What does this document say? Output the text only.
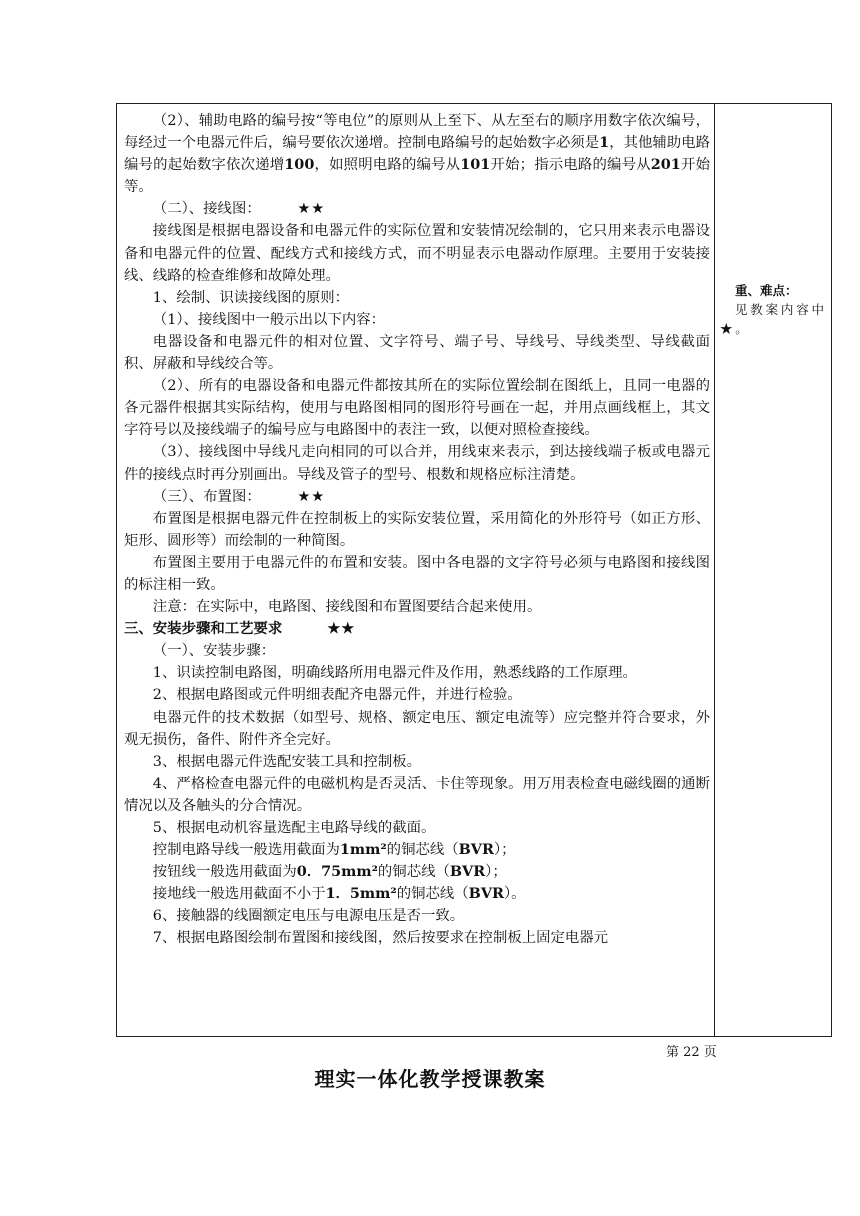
（2）、辅助电路的编号按“等电位”的原则从上至下、从左至右的顺序用数字依次编号，每经过一个电器元件后，编号要依次递增。控制电路编号的起始数字必须是1，其他辅助电路编号的起始数字依次递增100，如照明电路的编号从101开始；指示电路的编号从201开始等。

（二）、接线图：	★★

接线图是根据电器设备和电器元件的实际位置和安装情况绘制的，它只用来表示电器设备和电器元件的位置、配线方式和接线方式，而不明显表示电器动作原理。主要用于安装接线、线路的检查维修和故障处理。

1、绘制、识读接线图的原则：

（1）、接线图中一般示出以下内容：

电器设备和电器元件的相对位置、文字符号、端子号、导线号、导线类型、导线截面积、屏蔽和导线绞合等。

（2）、所有的电器设备和电器元件都按其所在的实际位置绘制在图纸上，且同一电器的各元器件根据其实际结构，使用与电路图相同的图形符号画在一起，并用点画线框上，其文字符号以及接线端子的编号应与电路图中的表注一致，以便对照检查接线。

（3）、接线图中导线凡走向相同的可以合并，用线束来表示，到达接线端子板或电器元件的接线点时再分别画出。导线及管子的型号、根数和规格应标注清楚。

（三）、布置图：	★★

布置图是根据电器元件在控制板上的实际安装位置，采用简化的外形符号（如正方形、矩形、圆形等）而绘制的一种简图。

布置图主要用于电器元件的布置和安装。图中各电器的文字符号必须与电路图和接线图的标注相一致。

注意：在实际中，电路图、接线图和布置图要结合起来使用。

三、安装步骤和工艺要求	★★

（一）、安装步骤：

1、识读控制电路图，明确线路所用电器元件及作用，熟悉线路的工作原理。

2、根据电路图或元件明细表配齐电器元件，并进行检验。

电器元件的技术数据（如型号、规格、额定电压、额定电流等）应完整并符合要求，外观无损伤，备件、附件齐全完好。

3、根据电器元件选配安装工具和控制板。

4、严格检查电器元件的电磁机构是否灵活、卡住等现象。用万用表检查电磁线圈的通断情况以及各触头的分合情况。

5、根据电动机容量选配主电路导线的截面。

控制电路导线一般选用截面为1mm²的铜芯线（BVR）；

按钮线一般选用截面为0．75mm²的铜芯线（BVR）；

接地线一般选用截面不小于1．5mm²的铜芯线（BVR）。

6、接触器的线圈额定电压与电源电压是否一致。

7、根据电路图绘制布置图和接线图，然后按要求在控制板上固定电器元

重、难点：
见教案内容中★。
第 22 页
理实一体化教学授课教案
